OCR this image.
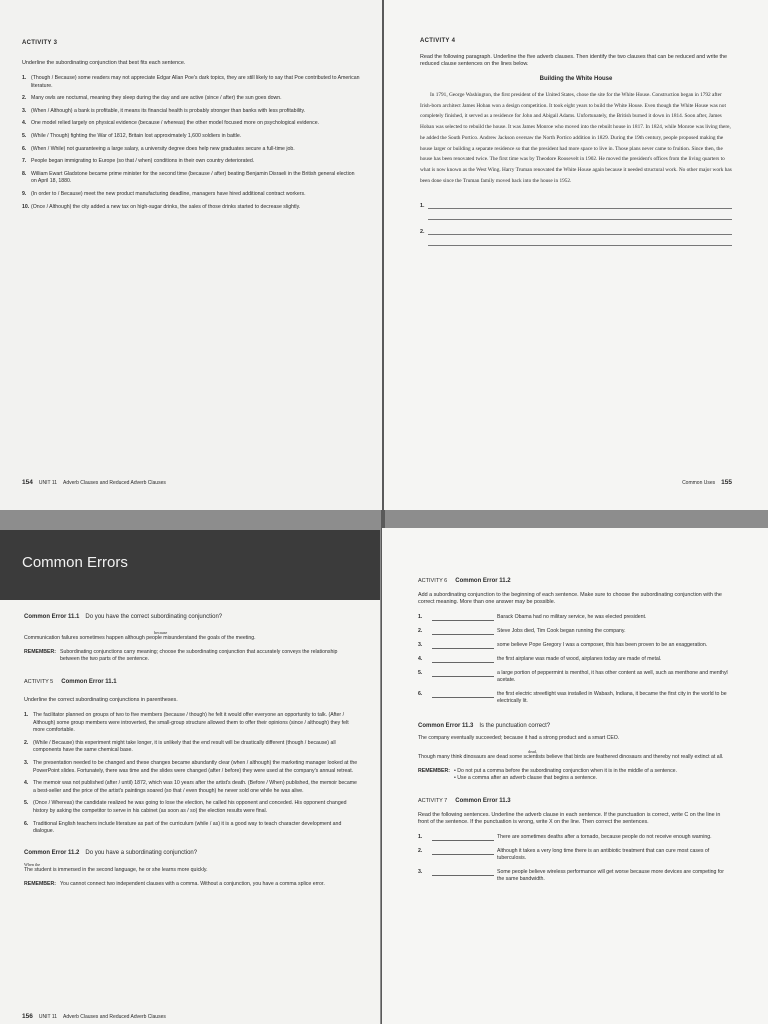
ACTIVITY 3
Underline the subordinating conjunction that best fits each sentence.
1. (Though / Because) some readers may not appreciate Edgar Allan Poe's dark topics, they are still likely to say that Poe contributed to American literature.
2. Many owls are nocturnal, meaning they sleep during the day and are active (since / after) the sun goes down.
3. (When / Although) a bank is profitable, it means its financial health is probably stronger than banks with less profitability.
4. One model relied largely on physical evidence (because / whereas) the other model focused more on psychological evidence.
5. (While / Though) fighting the War of 1812, Britain lost approximately 1,600 soldiers in battle.
6. (When / While) not guaranteeing a large salary, a university degree does help new graduates secure a full-time job.
7. People began immigrating to Europe (so that / when) conditions in their own country deteriorated.
8. William Ewart Gladstone became prime minister for the second time (because / after) beating Benjamin Disraeli in the British general election on April 18, 1880.
9. (In order to / Because) meet the new product manufacturing deadline, managers have hired additional contract workers.
10. (Once / Although) the city added a new tax on high-sugar drinks, the sales of those drinks started to decrease slightly.
154 UNIT 11 Adverb Clauses and Reduced Adverb Clauses
ACTIVITY 4
Read the following paragraph. Underline the five adverb clauses. Then identify the two clauses that can be reduced and write the reduced clause sentences on the lines below.
Building the White House

In 1791, George Washington, the first president of the United States, chose the site for the White House. Construction began in 1792 after Irish-born architect James Hoban won a design competition. It took eight years to build the White House. Even though the White House was not completely finished, it served as a residence for John and Abigail Adams. Unfortunately, the British burned it down in 1814. Soon after, James Hoban was selected to rebuild the house. It was James Monroe who moved into the rebuilt house in 1817. In 1824, while Monroe was living there, he added the South Portico. Andrew Jackson oversaw the North Portico addition in 1829. During the 19th century, people proposed making the house larger or building a separate residence so that the president had more space to live in. Those plans never came to fruition. Since then, the house has been renovated twice. The first time was by Theodore Roosevelt in 1902. He moved the president's offices from the living quarters to what is now known as the West Wing. Harry Truman renovated the White House again because it needed structural work. No other major work has been done since the Truman family moved back into the house in 1952.

1.
2.
Common Uses 155
Common Errors
Common Error 11.1 Do you have the correct subordinating conjunction?
because
Communication failures sometimes happen although people misunderstand the goals of the meeting.
REMEMBER: Subordinating conjunctions carry meaning; choose the subordinating conjunction that accurately conveys the relationship between the two parts of the sentence.
ACTIVITY 5 Common Error 11.1
Underline the correct subordinating conjunctions in parentheses.
1. The facilitator planned on groups of two to five members (because / though) he felt it would offer everyone an opportunity to talk. (After / Although) some group members were introverted, the small-group structure allowed them to offer their opinions (since / although) they felt more comfortable.
2. (While / Because) this experiment might take longer, it is unlikely that the end result will be drastically different (though / because) all components have the same chemical base.
3. The presentation needed to be changed and these changes became abundantly clear (when / although) the marketing manager looked at the PowerPoint slides. Fortunately, there was time and the slides were changed (after / before) they were used at the company's annual retreat.
4. The memoir was not published (after / until) 1872, which was 10 years after the artist's death. (Before / When) published, the memoir became a best-seller and the price of the artist's paintings soared (so that / even though) he never sold one while he was alive.
5. (Once / Whereas) the candidate realized he was going to lose the election, he called his opponent and conceded. His opponent changed history by asking the competitor to serve in his cabinet (as soon as / so) the election results were final.
6. Traditional English teachers include literature as part of the curriculum (while / as) it is a good way to teach character development and dialogue.
Common Error 11.2 Do you have a subordinating conjunction?
When the
The student is immersed in the second language, he or she learns more quickly.
REMEMBER: You cannot connect two independent clauses with a comma. Without a conjunction, you have a comma splice error.
156 UNIT 11 Adverb Clauses and Reduced Adverb Clauses
ACTIVITY 6 Common Error 11.2
Add a subordinating conjunction to the beginning of each sentence. Make sure to choose the subordinating conjunction with the correct meaning. More than one answer may be possible.
1.	Barack Obama had no military service, he was elected president.
2.	Steve Jobs died, Tim Cook began running the company.
3.	some believe Pope Gregory I was a composer, this has been proven to be an exaggeration.
4.	the first airplane was made of wood, airplanes today are made of metal.
5.	a large portion of peppermint is menthol, it has other content as well, such as menthone and menthyl acetate.
6.	the first electric streetlight was installed in Wabash, Indiana, it became the first city in the world to be electrically lit.
Common Error 11.3 Is the punctuation correct?
The company eventually succeeded; because it had a strong product and a smart CEO.
dead,
Though many think dinosaurs are dead some scientists believe that birds are feathered dinosaurs and thereby not really extinct at all.
REMEMBER: • Do not put a comma before the subordinating conjunction when it is in the middle of a sentence.
• Use a comma after an adverb clause that begins a sentence.
ACTIVITY 7 Common Error 11.3
Read the following sentences. Underline the adverb clause in each sentence. If the punctuation is correct, write C on the line in front of the sentence. If the punctuation is wrong, write X on the line. Then correct the sentences.
1.	There are sometimes deaths after a tornado, because people do not receive enough warning.
2.	Although it takes a very long time there is an antibiotic treatment that can cure most cases of tuberculosis.
3.	Some people believe wireless performance will get worse because more devices are competing for the same bandwidth.
